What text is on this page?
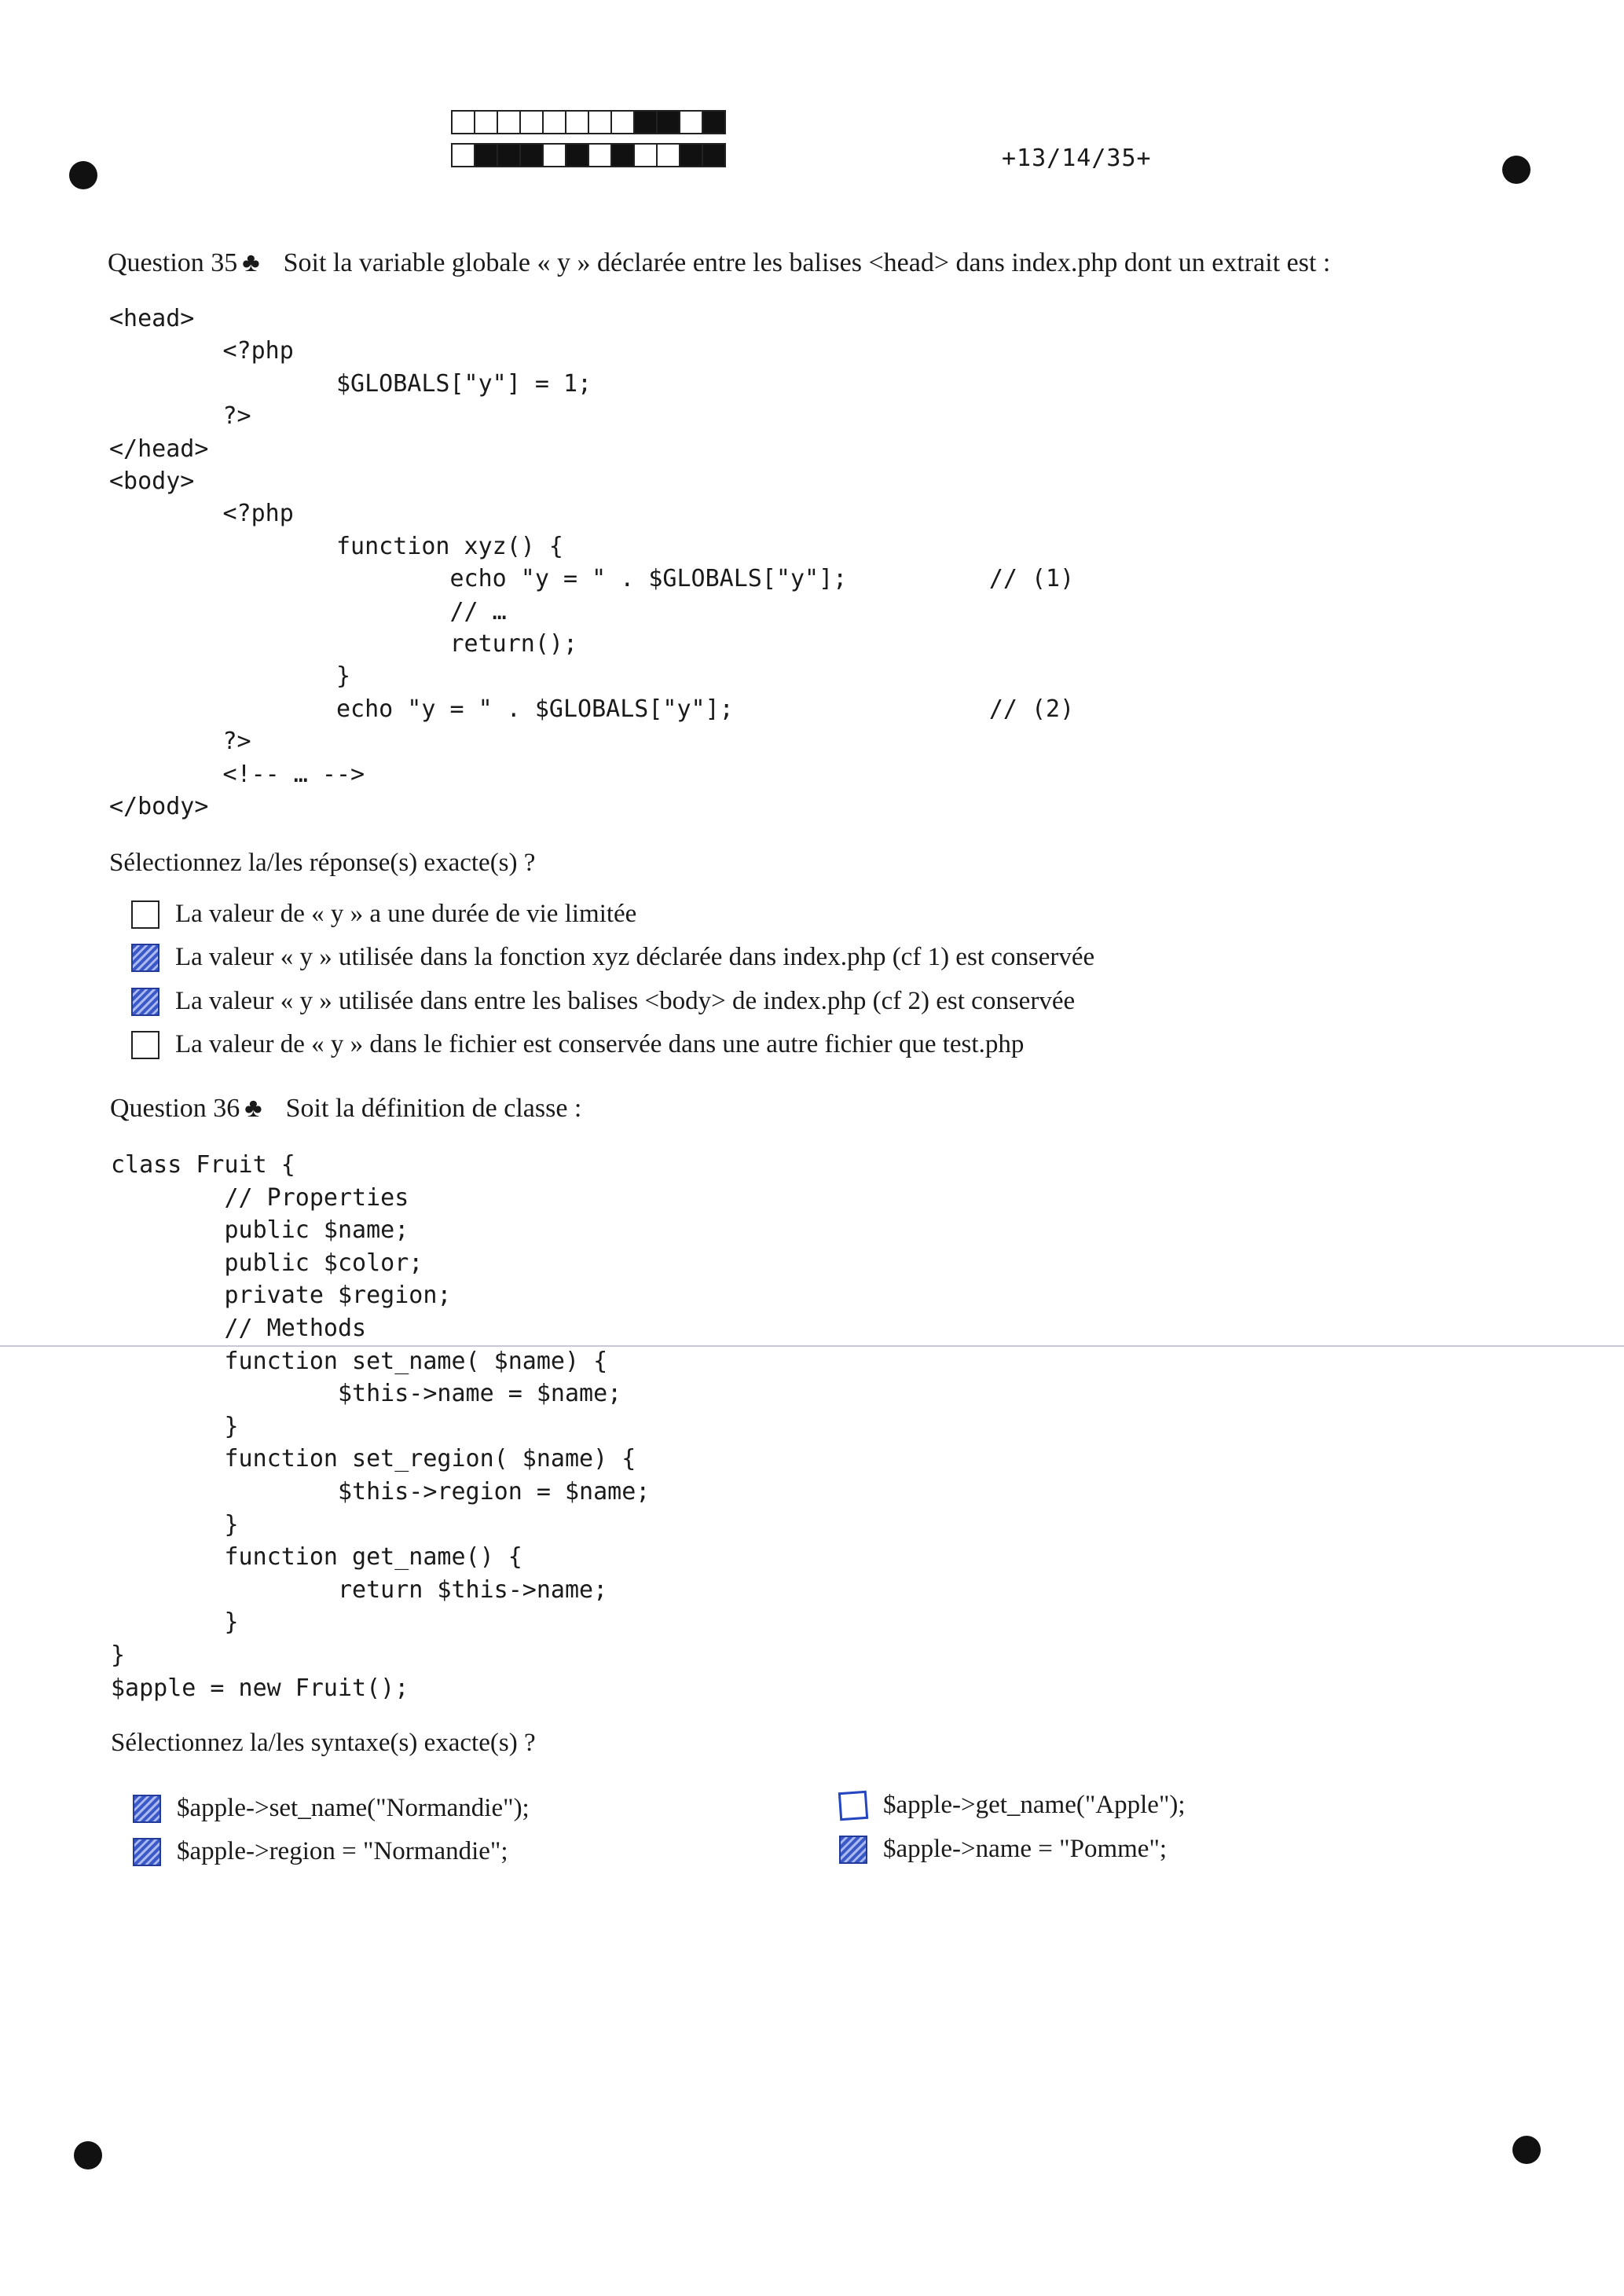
+13/14/35+
Question 35 ♣ Soit la variable globale « y » déclarée entre les balises <head> dans index.php dont un extrait est :
<head>
<?php
$GLOBALS["y"] = 1;
?>
</head>
<body>
<?php
function xyz() {
echo "y = " . $GLOBALS["y"];          // (1)
// …
return();
}
echo "y = " . $GLOBALS["y"];                  // (2)
?>
<!-- … -->
</body>
Sélectionnez la/les réponse(s) exacte(s) ?
La valeur de « y » a une durée de vie limitée
La valeur « y » utilisée dans la fonction xyz déclarée dans index.php (cf 1) est conservée
La valeur « y » utilisée dans entre les balises <body> de index.php (cf 2) est conservée
La valeur de « y » dans le fichier est conservée dans une autre fichier que test.php
Question 36 ♣ Soit la définition de classe :
class Fruit {
// Properties
public $name;
public $color;
private $region;
// Methods
function set_name( $name) {
$this->name = $name;
}
function set_region( $name) {
$this->region = $name;
}
function get_name() {
return $this->name;
}
}
$apple = new Fruit();
Sélectionnez la/les syntaxe(s) exacte(s) ?
$apple->set_name("Normandie");
$apple->region = "Normandie";
$apple->get_name("Apple");
$apple->name = "Pomme";
